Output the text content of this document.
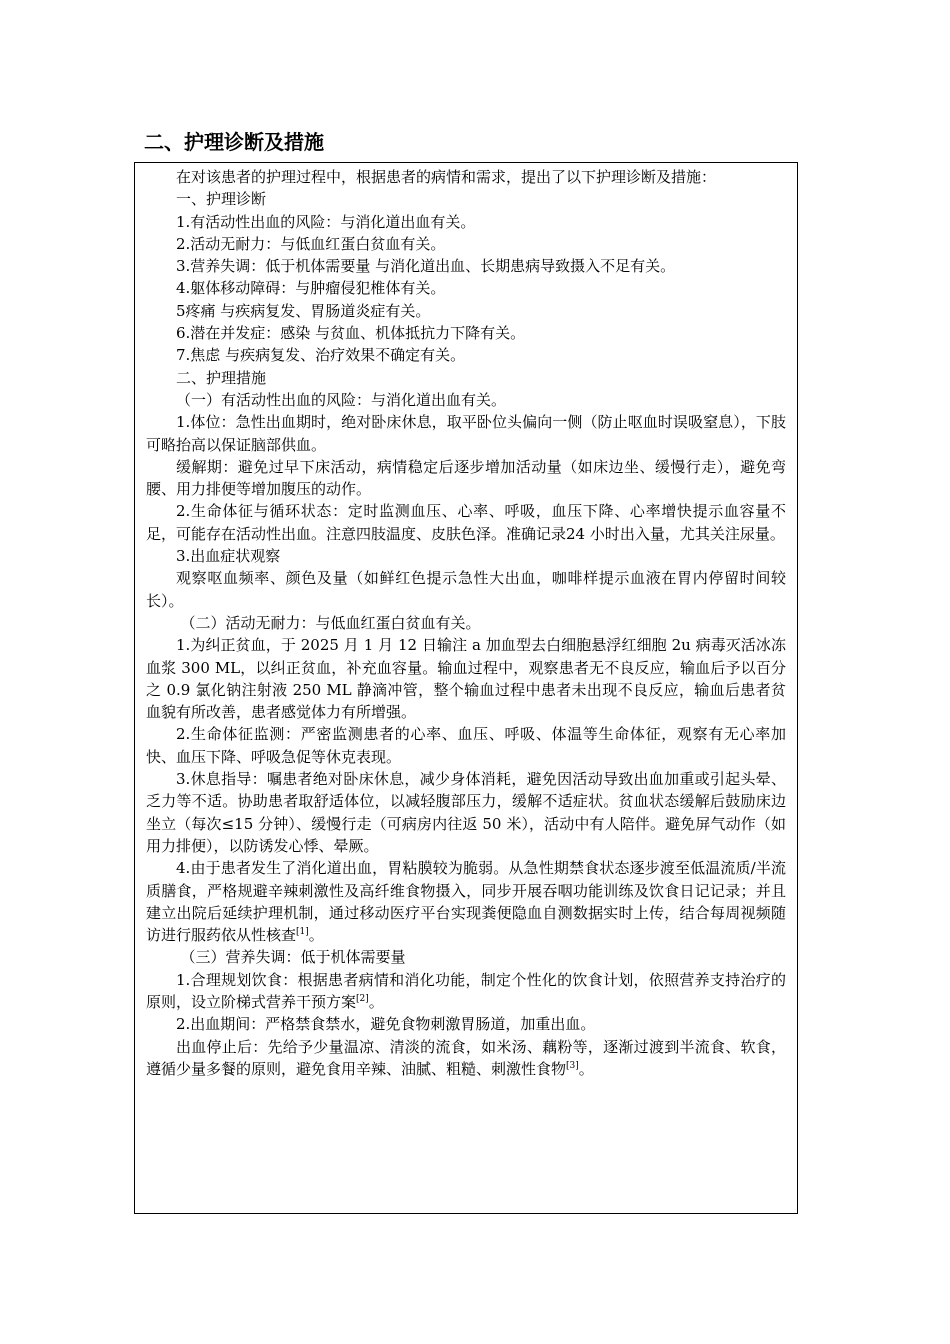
二、护理诊断及措施

在对该患者的护理过程中，根据患者的病情和需求，提出了以下护理诊断及措施：

一、护理诊断

1.有活动性出血的风险：与消化道出血有关。

2.活动无耐力：与低血红蛋白贫血有关。

3.营养失调：低于机体需要量 与消化道出血、长期患病导致摄入不足有关。

4.躯体移动障碍：与肿瘤侵犯椎体有关。

5疼痛 与疾病复发、胃肠道炎症有关。

6.潜在并发症：感染 与贫血、机体抵抗力下降有关。

7.焦虑 与疾病复发、治疗效果不确定有关。

二、护理措施

（一）有活动性出血的风险：与消化道出血有关。

1.体位：急性出血期时，绝对卧床休息，取平卧位头偏向一侧（防止呕血时误吸窒息），下肢可略抬高以保证脑部供血。

缓解期：避免过早下床活动，病情稳定后逐步增加活动量（如床边坐、缓慢行走），避免弯腰、用力排便等增加腹压的动作。

2.生命体征与循环状态：定时监测血压、心率、呼吸，血压下降、心率增快提示血容量不足，可能存在活动性出血。注意四肢温度、皮肤色泽。准确记录24 小时出入量，尤其关注尿量。

3.出血症状观察

观察呕血频率、颜色及量（如鲜红色提示急性大出血，咖啡样提示血液在胃内停留时间较长）。

（二）活动无耐力：与低血红蛋白贫血有关。

1.为纠正贫血，于 2025 月 1 月 12 日输注 a 加血型去白细胞悬浮红细胞 2u 病毒灭活冰冻血浆 300 ML，以纠正贫血，补充血容量。输血过程中，观察患者无不良反应，输血后予以百分之 0.9 氯化钠注射液 250 ML 静滴冲管，整个输血过程中患者未出现不良反应，输血后患者贫血貌有所改善，患者感觉体力有所增强。

2.生命体征监测：严密监测患者的心率、血压、呼吸、体温等生命体征，观察有无心率加快、血压下降、呼吸急促等休克表现。

3.休息指导：嘱患者绝对卧床休息，减少身体消耗，避免因活动导致出血加重或引起头晕、乏力等不适。协助患者取舒适体位，以减轻腹部压力，缓解不适症状。贫血状态缓解后鼓励床边坐立（每次≤15 分钟）、缓慢行走（可病房内往返 50 米），活动中有人陪伴。避免屏气动作（如用力排便），以防诱发心悸、晕厥。

4.由于患者发生了消化道出血，胃粘膜较为脆弱。从急性期禁食状态逐步渡至低温流质/半流质膳食，严格规避辛辣刺激性及高纤维食物摄入，同步开展吞咽功能训练及饮食日记记录；并且建立出院后延续护理机制，通过移动医疗平台实现粪便隐血自测数据实时上传，结合每周视频随访进行服药依从性核查[1]。

（三）营养失调：低于机体需要量

1.合理规划饮食：根据患者病情和消化功能，制定个性化的饮食计划，依照营养支持治疗的原则，设立阶梯式营养干预方案[2]。

2.出血期间：严格禁食禁水，避免食物刺激胃肠道，加重出血。

出血停止后：先给予少量温凉、清淡的流食，如米汤、藕粉等，逐渐过渡到半流食、软食，遵循少量多餐的原则，避免食用辛辣、油腻、粗糙、刺激性食物[3]。
